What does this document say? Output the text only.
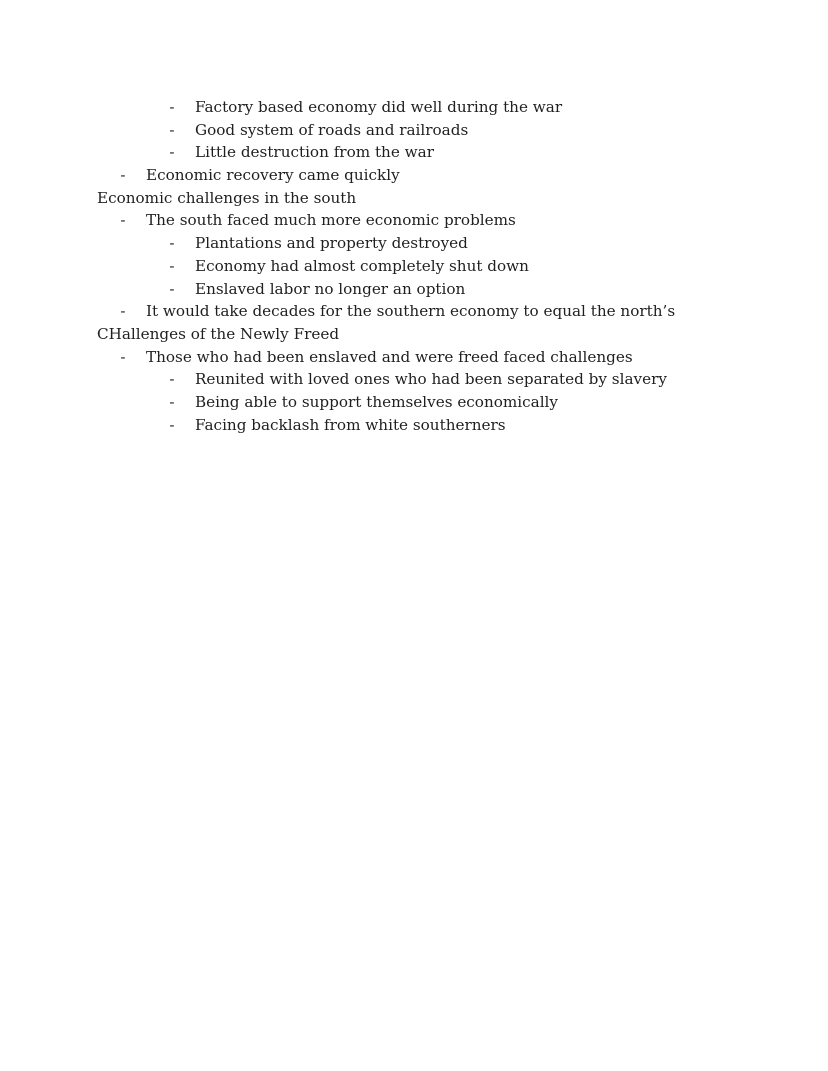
- Factory based economy did well during the war
- Good system of roads and railroads
- Little destruction from the war
- Economic recovery came quickly
Economic challenges in the south
- The south faced much more economic problems
- Plantations and property destroyed
- Economy had almost completely shut down
- Enslaved labor no longer an option
- It would take decades for the southern economy to equal the north’s
CHallenges of the Newly Freed
- Those who had been enslaved and were freed faced challenges
- Reunited with loved ones who had been separated by slavery
- Being able to support themselves economically
- Facing backlash from white southerners
